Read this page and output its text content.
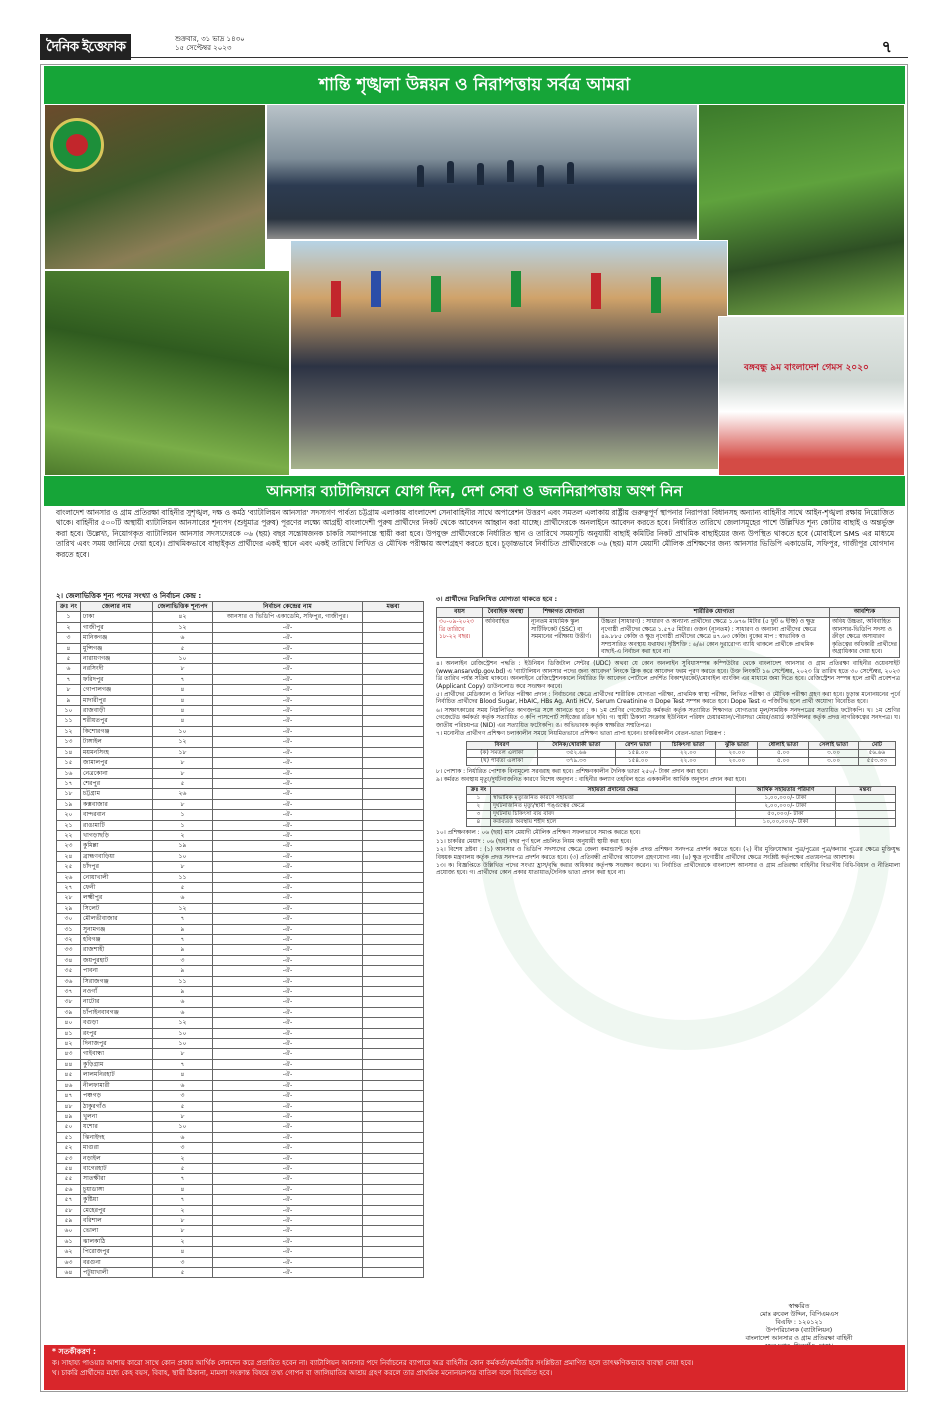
দৈনিক ইত্তেফাক	শুক্রবার, ৩১ ভাদ্র ১৪৩০
১৫ সেপ্টেম্বর ২০২৩	৭
শান্তি শৃঙ্খলা উন্নয়ন ও নিরাপত্তায় সর্বত্র আমরা
বঙ্গবন্ধু ৯ম বাংলাদেশ গেমস ২০২০
আনসার ব্যাটালিয়নে যোগ দিন, দেশ সেবা ও জননিরাপত্তায় অংশ নিন
বাংলাদেশ আনসার ও গ্রাম প্রতিরক্ষা বাহিনীর সুশৃঙ্খল, দক্ষ ও কর্মঠ 'ব্যাটালিয়ন আনসার' সদস্যগণ পার্বত্য চট্টগ্রাম এলাকায় বাংলাদেশ সেনাবাহিনীর সাথে অপারেশন উত্তরণ এবং সমতল এলাকায় রাষ্ট্রীয় গুরুত্বপূর্ণ স্থাপনার নিরাপত্তা বিধানসহ অন্যান্য বাহিনীর সাথে আইন-শৃঙ্খলা রক্ষায় নিয়োজিত থাকে। বাহিনীর ৫০০টি অস্থায়ী ব্যাটালিয়ন আনসারের শূন্যপদ (শুধুমাত্র পুরুষ) পূরণের লক্ষ্যে আগ্রহী বাংলাদেশী পুরুষ প্রার্থীদের নিকট থেকে আবেদন আহ্বান করা যাচ্ছে। প্রার্থীদেরকে অনলাইনে আবেদন করতে হবে। নির্ধারিত তারিখে জেলাসমূহের পাশে উল্লিখিত শূন্য কোটায় বাছাই ও অন্তর্ভুক্ত করা হবে। উল্লেখ্য, নিয়োগকৃত ব্যাটালিয়ন আনসার সদস্যদেরকে ০৬ (ছয়) বছর সন্তোষজনক চাকরি সমাপনান্তে স্থায়ী করা হবে। উপযুক্ত প্রার্থীদেরকে নির্ধারিত স্থান ও তারিখে সময়সূচি অনুযায়ী বাছাই কমিটির নিকট প্রাথমিক বাছাইয়ের জন্য উপস্থিত থাকতে হবে (মোবাইলে SMS এর মাধ্যমে তারিখ এবং সময় জানিয়ে দেয়া হবে)। প্রাথমিকভাবে বাছাইকৃত প্রার্থীদের একই স্থানে এবং একই তারিখে লিখিত ও মৌখিক পরীক্ষায় অংশগ্রহণ করতে হবে। চূড়ান্তভাবে নির্বাচিত প্রার্থীদেরকে ০৬ (ছয়) মাস মেয়াদী মৌলিক প্রশিক্ষণের জন্য আনসার ভিডিপি একাডেমি, সফিপুর, গাজীপুর যোগদান করতে হবে।
২। জেলাভিত্তিক শূন্য পদের সংখ্যা ও নির্বাচন কেন্দ্র :
ক্রঃ নং	জেলার নাম	জেলাভিত্তিক শূন্যপদ	নির্বাচন কেন্দ্রের নাম	মন্তব্য
১	ঢাকা	৪২	আনসার ও ভিডিপি একাডেমি, সফিপুর, গাজীপুর।	
২	গাজীপুর	১২	-ঐ-	
৩	মানিকগঞ্জ	৬	-ঐ-	
৪	মুন্সিগঞ্জ	৫	-ঐ-	
৫	নারায়ণগঞ্জ	১০	-ঐ-	
৬	নরসিংদী	৮	-ঐ-	
৭	ফরিদপুর	৭	-ঐ-	
৮	গোপালগঞ্জ	৪	-ঐ-	
৯	মাদারীপুর	৪	-ঐ-	
১০	রাজবাড়ী	৪	-ঐ-	
১১	শরীয়তপুর	৪	-ঐ-	
১২	কিশোরগঞ্জ	১০	-ঐ-	
১৩	টাঙ্গাইল	১২	-ঐ-	
১৪	ময়মনসিংহ	১৮	-ঐ-	
১৫	জামালপুর	৮	-ঐ-	
১৬	নেত্রকোনা	৮	-ঐ-	
১৭	শেরপুর	৫	-ঐ-	
১৮	চট্টগ্রাম	২৬	-ঐ-	
১৯	কক্সবাজার	৮	-ঐ-	
২০	বান্দরবান	১	-ঐ-	
২১	রাঙামাটি	১	-ঐ-	
২২	খাগড়াছড়ি	২	-ঐ-	
২৩	কুমিল্লা	১৯	-ঐ-	
২৪	ব্রাহ্মণবাড়িয়া	১০	-ঐ-	
২৫	চাঁদপুর	৮	-ঐ-	
২৬	নোয়াখালী	১১	-ঐ-	
২৭	ফেনী	৫	-ঐ-	
২৮	লক্ষ্মীপুর	৬	-ঐ-	
২৯	সিলেট	১২	-ঐ-	
৩০	মৌলভীবাজার	৭	-ঐ-	
৩১	সুনামগঞ্জ	৯	-ঐ-	
৩২	হবিগঞ্জ	৭	-ঐ-	
৩৩	রাজশাহী	৯	-ঐ-	
৩৪	জয়পুরহাট	৩	-ঐ-	
৩৫	পাবনা	৯	-ঐ-	
৩৬	সিরাজগঞ্জ	১১	-ঐ-	
৩৭	নওগাঁ	৯	-ঐ-	
৩৮	নাটোর	৬	-ঐ-	
৩৯	চাঁপাইনবাবগঞ্জ	৬	-ঐ-	
৪০	বগুড়া	১২	-ঐ-	
৪১	রংপুর	১০	-ঐ-	
৪২	দিনাজপুর	১০	-ঐ-	
৪৩	গাইবান্ধা	৮	-ঐ-	
৪৪	কুড়িগ্রাম	৭	-ঐ-	
৪৫	লালমনিরহাট	৪	-ঐ-	
৪৬	নীলফামারী	৬	-ঐ-	
৪৭	পঞ্চগড়	৩	-ঐ-	
৪৮	ঠাকুরগাঁও	৫	-ঐ-	
৪৯	খুলনা	৮	-ঐ-	
৫০	যশোর	১০	-ঐ-	
৫১	ঝিনাইদহ	৬	-ঐ-	
৫২	মাগুরা	৩	-ঐ-	
৫৩	নড়াইল	২	-ঐ-	
৫৪	বাগেরহাট	৫	-ঐ-	
৫৫	সাতক্ষীরা	৭	-ঐ-	
৫৬	চুয়াডাঙ্গা	৪	-ঐ-	
৫৭	কুষ্টিয়া	৭	-ঐ-	
৫৮	মেহেরপুর	২	-ঐ-	
৫৯	বরিশাল	৮	-ঐ-	
৬০	ভোলা	৮	-ঐ-	
৬১	ঝালকাঠি	২	-ঐ-	
৬২	পিরোজপুর	৪	-ঐ-	
৬৩	বরগুনা	৩	-ঐ-	
৬৪	পটুয়াখালী	৫	-ঐ-	
৩। প্রার্থীদের নিম্নলিখিত যোগ্যতা থাকতে হবে :
বয়স	বৈবাহিক অবস্থা	শিক্ষাগত যোগ্যতা	শারীরিক যোগ্যতা	আবশ্যিক
৩০-০৯-২০২৩ খ্রি তারিখে ১৮-২২ বছর।	অবিবাহিত	ন্যূনতম মাধ্যমিক স্কুল সার্টিফিকেট (SSC) বা সমমানের পরীক্ষায় উত্তীর্ণ।	উচ্চতা (সাধারণ) : সাধারণ ও অন্যান্য প্রার্থীদের ক্ষেত্রে ১.৬৭৬ মিটার (৫ ফুট ৬ ইঞ্চি) ও ক্ষুদ্র নৃগোষ্ঠী প্রার্থীদের ক্ষেত্রে ১.৫৭৫ মিটার। ওজন (ন্যূনতম) : সাধারণ ও অন্যান্য প্রার্থীদের ক্ষেত্রে ৪৯.৮৮৫ কেজি ও ক্ষুদ্র নৃগোষ্ঠী প্রার্থীদের ক্ষেত্রে ৪৭.৬৩ কেজি। বুকের মাপ : স্বাভাবিক ও সম্প্রসারিত অবস্থায় যথাযথ। দৃষ্টিশক্তি : ৬/৬। কোন দুরারোগ্য ব্যাধি থাকলে প্রার্থীকে প্রাথমিক বাছাই-এ নির্বাচন করা হবে না।	অবিধ উচ্চতা, অবিবাহিত আনসার-ভিডিপি সদস্য ও ক্রীড়া ক্ষেত্রে অসাধারণ কৃতিত্বের অধিকারী প্রার্থীদের অগ্রাধিকার দেয়া হবে।

৪। অনলাইন রেজিস্ট্রেশন পদ্ধতি : ইউনিয়ন ডিজিটাল সেন্টার (UDC) অথবা যে কোন অনলাইন সুবিধাসম্পন্ন কম্পিউটার থেকে বাংলাদেশ আনসার ও গ্রাম প্রতিরক্ষা বাহিনীর ওয়েবসাইট (www.ansarvdp.gov.bd) এ 'ব্যাটালিয়ন আনসার পদের জন্য আবেদন' লিংকে ক্লিক করে আবেদন ফরম পূরণ করতে হবে। উক্ত লিংকটি ১৬ সেপ্টেম্বর, ২০২৩ খ্রি তারিখ হতে ৩০ সেপ্টেম্বর, ২০২৩ খ্রি তারিখ পর্যন্ত সক্রিয় থাকবে। অনলাইনে রেজিস্ট্রেশনকালে নির্ধারিত ফি আবেদন পোর্টালে প্রদর্শিত বিকাশ/রকেট/মোবাইল ব্যাংকিং এর মাধ্যমে জমা দিতে হবে। রেজিস্ট্রেশন সম্পন্ন হলে প্রার্থী প্রবেশপত্র (Applicant Copy) ডাউনলোড করে সংরক্ষণ করবে।

৫। প্রার্থীদের মেডিক্যাল ও লিখিত পরীক্ষা প্রদান : নির্বাচনের ক্ষেত্রে প্রার্থীদের শারীরিক যোগ্যতা পরীক্ষা, প্রাথমিক স্বাস্থ্য পরীক্ষা, লিখিত পরীক্ষা ও মৌখিক পরীক্ষা গ্রহণ করা হবে। চূড়ান্ত মনোনয়নের পূর্বে নির্বাচিত প্রার্থীদের Blood Sugar, HbAIC, HBs Ag, Anti HCV, Serum Creatinine ও Dope Test সম্পন্ন করতে হবে। Dope Test এ পজিটিভ হলে প্রার্থী অযোগ্য বিবেচিত হবে।

৬। সাক্ষাৎকারের সময় নিম্নলিখিত কাগজপত্র সঙ্গে আনতে হবে : ক। ১ম শ্রেণির গেজেটেড কর্মকর্তা কর্তৃক সত্যায়িত শিক্ষাগত যোগ্যতার মূল/সাময়িক সনদপত্রের সত্যায়িত ফটোকপি। খ। ১ম শ্রেণির গেজেটেড কর্মকর্তা কর্তৃক সত্যায়িত ৩ কপি পাসপোর্ট সাইজের রঙিন ছবি। গ। স্থায়ী ঠিকানা সংক্রান্ত ইউনিয়ন পরিষদ চেয়ারম্যান/পৌরসভা মেয়র/ওয়ার্ড কাউন্সিলর কর্তৃক প্রদত্ত নাগরিকত্বের সনদপত্র। ঘ। জাতীয় পরিচয়পত্র (NID) এর সত্যায়িত ফটোকপি। ঙ। অভিভাবক কর্তৃক স্বাক্ষরিত সম্মতিপত্র।

৭। মনোনীত প্রার্থীগণ প্রশিক্ষণ চলাকালীন সময়ে নিয়মিতভাবে প্রশিক্ষণ ভাতা প্রাপ্য হবেন। চাকরিকালীন বেতন-ভাতা নিম্নরূপ :

বিবরণ	দৈনিক/খোরাকী ভাতা	রেশন ভাতা	চিকিৎসা ভাতা	ঝুঁকি ভাতা	ধোলাই ভাতা	সেলাই ভাতা	মোট
(ক) সমতল এলাকা	৩৫২.৬৬	১৫৪.০০	২২.০০	২০.০০	৫.০০	৩.০০	৫৬.৬৬
(খ) পার্বত্য এলাকা	৩৭৯.৩৩	১৫৪.০০	২২.০০	২০.০০	৫.০০	৩.০০	৫৫৩.৩৩

৮। পোশাক : নির্ধারিত পোশাক বিনামূল্যে সরবরাহ করা হবে। প্রশিক্ষণকালীন দৈনিক ভাতা ২৫০/- টাকা প্রদান করা হবে।

৯। কর্মরত অবস্থায় মৃত্যু/দুর্ঘটনাজনিত কারণে বিশেষ অনুদান : বাহিনীর কল্যাণ তহবিল হতে এককালীন আর্থিক অনুদান প্রদান করা হবে।

ক্রঃ নং	সহায়তা প্রদানের ক্ষেত্র	আর্থিক সহায়তার পরিমাণ	মন্তব্য
১	স্বাভাবিক মৃত্যুজনিত কারণে সহায়তা	১,০০,০০০/- টাকা	
২	দুর্ঘটনাজনিত মৃত্যু/স্থায়ী পঙ্গুত্বের ক্ষেত্রে	২,০০,০০০/- টাকা	
৩	দুর্ঘটনায় চিকিৎসা ব্যয় বাবদ	৫০,০০০/- টাকা	
৪	কর্তব্যরত অবস্থায় শহীদ হলে	১০,০০,০০০/- টাকা	

১০। প্রশিক্ষণকাল : ০৬ (ছয়) মাস মেয়াদী মৌলিক প্রশিক্ষণ সফলভাবে সমাপ্ত করতে হবে।

১১। চাকরির মেয়াদ : ০৬ (ছয়) বছর পূর্ণ হলে প্রচলিত নিয়ম অনুযায়ী স্থায়ী করা হবে।

১২। বিশেষ দ্রষ্টব্য : (১) আনসার ও ভিডিপি সদস্যদের ক্ষেত্রে জেলা কমান্ড্যান্ট কর্তৃক প্রদত্ত প্রশিক্ষণ সনদপত্র প্রদর্শন করতে হবে। (২) বীর মুক্তিযোদ্ধার পুত্র/পুত্রের পুত্র/কন্যার পুত্রের ক্ষেত্রে মুক্তিযুদ্ধ বিষয়ক মন্ত্রণালয় কর্তৃক প্রদত্ত সনদপত্র প্রদর্শন করতে হবে। (৩) প্রতিবন্ধী প্রার্থীদের আবেদন গ্রহণযোগ্য নয়। (৪) ক্ষুদ্র নৃগোষ্ঠীর প্রার্থীদের ক্ষেত্রে সংশ্লিষ্ট কর্তৃপক্ষের প্রত্যয়নপত্র আবশ্যক।

১৩। ক। বিজ্ঞপ্তিতে উল্লিখিত পদের সংখ্যা হ্রাস/বৃদ্ধি করার অধিকার কর্তৃপক্ষ সংরক্ষণ করেন। খ। নির্বাচিত প্রার্থীদেরকে বাংলাদেশ আনসার ও গ্রাম প্রতিরক্ষা বাহিনীর বিভাগীয় বিধি-বিধান ও নীতিমালা প্রযোজ্য হবে। গ। প্রার্থীদের কোন প্রকার যাতায়াত/দৈনিক ভাতা প্রদান করা হবে না।

স্বাক্ষরিত
মোঃ রুবেল উদ্দিন, বিপিএমএস
বিএফি : ১২০১২১
উপপরিচালক (ব্যাটালিয়ন)
বাংলাদেশ আনসার ও গ্রাম প্রতিরক্ষা বাহিনী
* সতর্কীকরণ :
ক। সাহায্য পাওয়ার আশায় কারো সাথে কোন প্রকার আর্থিক লেনদেন করে প্রতারিত হবেন না। ব্যাটালিয়ন আনসার পদে নির্বাচনের ব্যাপারে অত্র বাহিনীর কোন কর্মকর্তা/কর্মচারীর সংশ্লিষ্টতা প্রমাণিত হলে তাৎক্ষণিকভাবে ব্যবস্থা নেয়া হবে।
খ। চাকরি প্রার্থীদের মধ্যে কেহ বয়স, বিবাহ, স্থায়ী ঠিকানা, মামলা সংক্রান্ত বিষয়ে তথ্য গোপন বা জালিয়াতির আশ্রয় গ্রহণ করলে তার প্রাথমিক মনোনয়নপত্র বাতিল বলে বিবেচিত হবে।
